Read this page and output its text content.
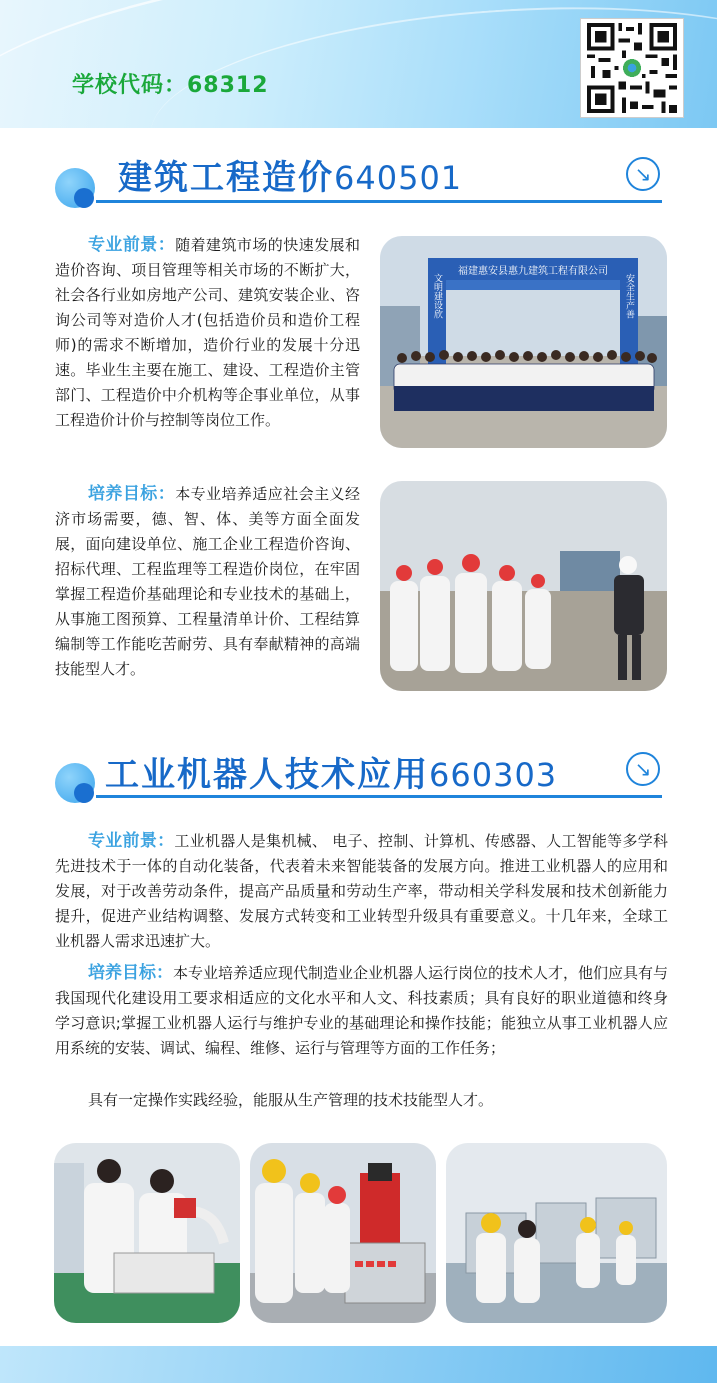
学校代码：68312
建筑工程造价640501	↘
专业前景：随着建筑市场的快速发展和造价咨询、项目管理等相关市场的不断扩大，社会各行业如房地产公司、建筑安装企业、咨询公司等对造价人才(包括造价员和造价工程师)的需求不断增加，造价行业的发展十分迅速。毕业生主要在施工、建设、工程造价主管部门、工程造价中介机构等企事业单位，从事工程造价计价与控制等岗位工作。
培养目标：本专业培养适应社会主义经济市场需要，德、智、体、美等方面全面发展，面向建设单位、施工企业工程造价咨询、招标代理、工程监理等工程造价岗位，在牢固掌握工程造价基础理论和专业技术的基础上，从事施工图预算、工程量清单计价、工程结算编制等工作能吃苦耐劳、具有奉献精神的高端技能型人才。
福建惠安县惠九建筑工程有限公司
文明建设欣	安全生产善
工业机器人技术应用660303	↘
专业前景：工业机器人是集机械、 电子、控制、计算机、传感器、人工智能等多学科先进技术于一体的自动化装备，代表着未来智能装备的发展方向。推进工业机器人的应用和发展，对于改善劳动条件，提高产品质量和劳动生产率，带动相关学科发展和技术创新能力提升，促进产业结构调整、发展方式转变和工业转型升级具有重要意义。十几年来，全球工业机器人需求迅速扩大。
培养目标：本专业培养适应现代制造业企业机器人运行岗位的技术人才，他们应具有与我国现代化建设用工要求相适应的文化水平和人文、科技素质；具有良好的职业道德和终身学习意识;掌握工业机器人运行与维护专业的基础理论和操作技能；能独立从事工业机器人应用系统的安装、调试、编程、维修、运行与管理等方面的工作任务；
具有一定操作实践经验，能服从生产管理的技术技能型人才。
